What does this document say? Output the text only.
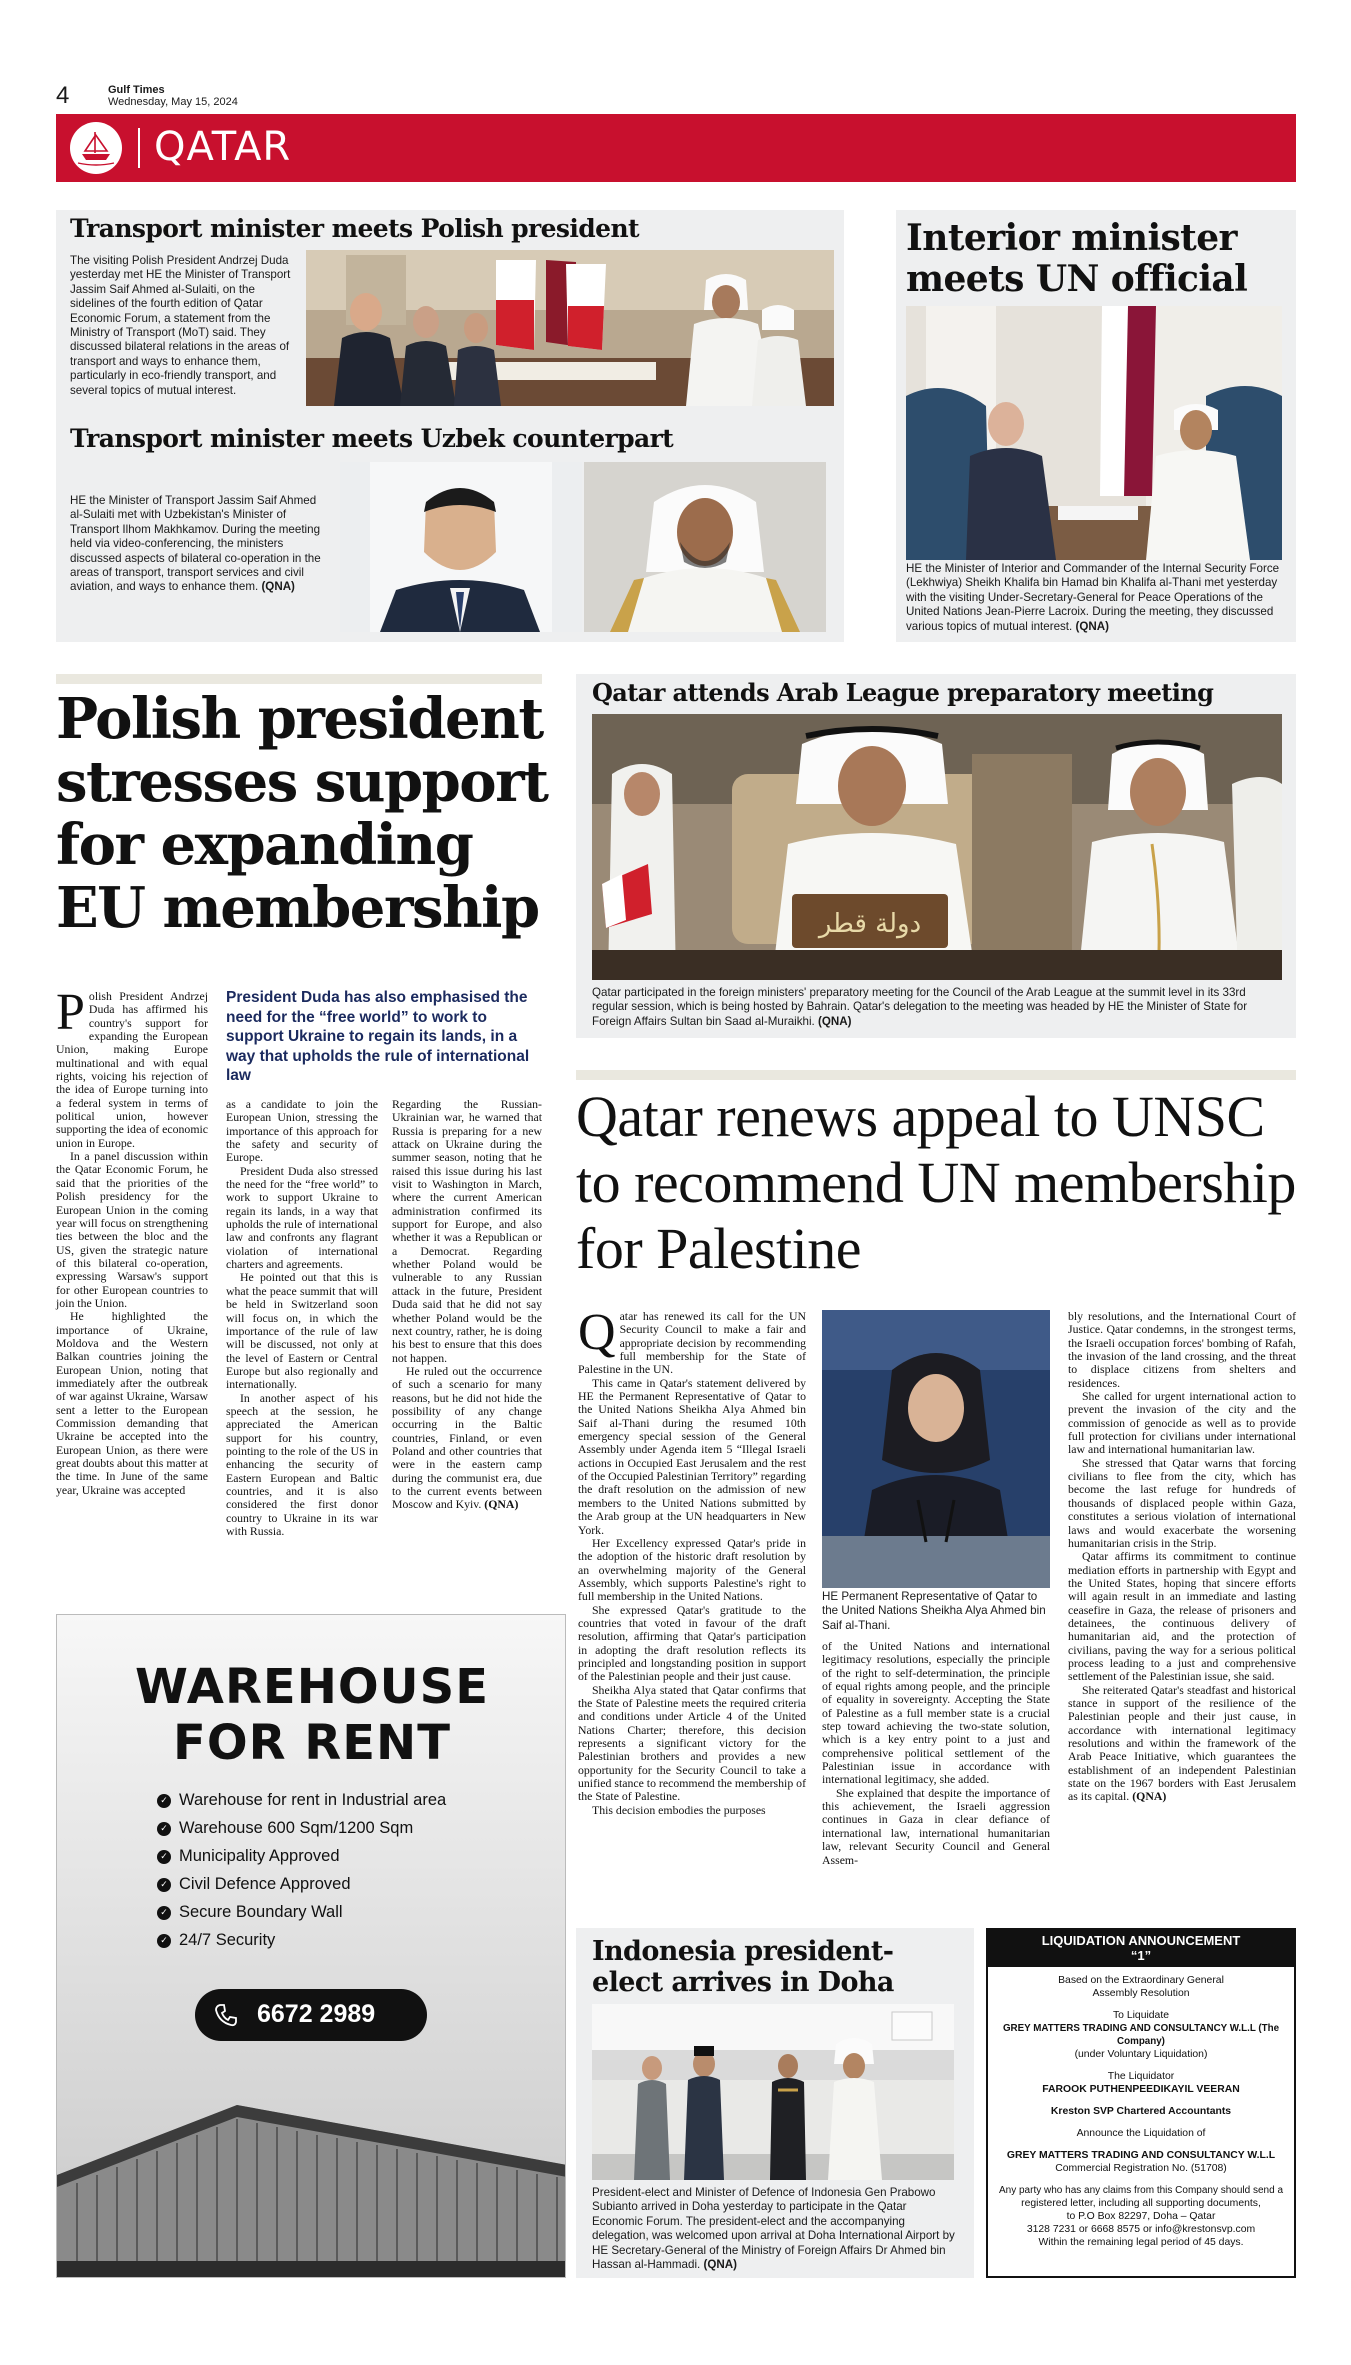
4	Gulf Times
Wednesday, May 15, 2024
QATAR
Transport minister meets Polish president
The visiting Polish President Andrzej Duda yesterday met HE the Minister of Transport Jassim Saif Ahmed al-Sulaiti, on the sidelines of the fourth edition of Qatar Economic Forum, a statement from the Ministry of Transport (MoT) said. They discussed bilateral relations in the areas of transport and ways to enhance them, particularly in eco-friendly transport, and several topics of mutual interest.
Transport minister meets Uzbek counterpart
HE the Minister of Transport Jassim Saif Ahmed al-Sulaiti met with Uzbekistan's Minister of Transport Ilhom Makhkamov. During the meeting held via video-conferencing, the ministers discussed aspects of bilateral co-operation in the areas of transport, transport services and civil aviation, and ways to enhance them. (QNA)
Interior minister meets UN official
HE the Minister of Interior and Commander of the Internal Security Force (Lekhwiya) Sheikh Khalifa bin Hamad bin Khalifa al-Thani met yesterday with the visiting Under-Secretary-General for Peace Operations of the United Nations Jean-Pierre Lacroix. During the meeting, they discussed various topics of mutual interest. (QNA)
Polish president stresses support for expanding EU membership

Polish President Andrzej Duda has affirmed his country's support for expanding the European Union, making Europe multinational and with equal rights, voicing his rejection of the idea of Europe turning into a federal system in terms of political union, however supporting the idea of economic union in Europe.

In a panel discussion within the Qatar Economic Forum, he said that the priorities of the Polish presidency for the European Union in the coming year will focus on strengthening ties between the bloc and the US, given the strategic nature of this bilateral co-operation, expressing Warsaw's support for other European countries to join the Union.

He highlighted the importance of Ukraine, Moldova and the Western Balkan countries joining the European Union, noting that immediately after the outbreak of war against Ukraine, Warsaw sent a letter to the European Commission demanding that Ukraine be accepted into the European Union, as there were great doubts about this matter at the time. In June of the same year, Ukraine was accepted

President Duda has also emphasised the need for the “free world” to work to support Ukraine to regain its lands, in a way that upholds the rule of international law

as a candidate to join the European Union, stressing the importance of this approach for the safety and security of Europe.

President Duda also stressed the need for the “free world” to work to support Ukraine to regain its lands, in a way that upholds the rule of international law and confronts any flagrant violation of international charters and agreements.

He pointed out that this is what the peace summit that will be held in Switzerland soon will focus on, in which the importance of the rule of law will be discussed, not only at the level of Eastern or Central Europe but also regionally and internationally.

In another aspect of his speech at the session, he appreciated the American support for his country, pointing to the role of the US in enhancing the security of Eastern European and Baltic countries, and it is also considered the first donor country to Ukraine in its war with Russia.

Regarding the Russian-Ukrainian war, he warned that Russia is preparing for a new attack on Ukraine during the summer season, noting that he raised this issue during his last visit to Washington in March, where the current American administration confirmed its support for Europe, and also whether it was a Republican or a Democrat. Regarding whether Poland would be vulnerable to any Russian attack in the future, President Duda said that he did not say whether Poland would be the next country, rather, he is doing his best to ensure that this does not happen.

He ruled out the occurrence of such a scenario for many reasons, but he did not hide the possibility of any change occurring in the Baltic countries, Finland, or even Poland and other countries that were in the eastern camp during the communist era, due to the current events between Moscow and Kyiv. (QNA)

Qatar attends Arab League preparatory meeting
دولة قطر
Qatar participated in the foreign ministers' preparatory meeting for the Council of the Arab League at the summit level in its 33rd regular session, which is being hosted by Bahrain. Qatar's delegation to the meeting was headed by HE the Minister of State for Foreign Affairs Sultan bin Saad al-Muraikhi. (QNA)
Qatar renews appeal to UNSC to recommend UN membership for Palestine

Qatar has renewed its call for the UN Security Council to make a fair and appropriate decision by recommending full membership for the State of Palestine in the UN.

This came in Qatar's statement delivered by HE the Permanent Representative of Qatar to the United Nations Sheikha Alya Ahmed bin Saif al-Thani during the resumed 10th emergency special session of the General Assembly under Agenda item 5 “Illegal Israeli actions in Occupied East Jerusalem and the rest of the Occupied Palestinian Territory” regarding the draft resolution on the admission of new members to the United Nations submitted by the Arab group at the UN headquarters in New York.

Her Excellency expressed Qatar's pride in the adoption of the historic draft resolution by an overwhelming majority of the General Assembly, which supports Palestine's right to full membership in the United Nations.

She expressed Qatar's gratitude to the countries that voted in favour of the draft resolution, affirming that Qatar's participation in adopting the draft resolution reflects its principled and longstanding position in support of the Palestinian people and their just cause.

Sheikha Alya stated that Qatar confirms that the State of Palestine meets the required criteria and conditions under Article 4 of the United Nations Charter; therefore, this decision represents a significant victory for the Palestinian brothers and provides a new opportunity for the Security Council to take a unified stance to recommend the membership of the State of Palestine.

This decision embodies the purposes

HE Permanent Representative of Qatar to the United Nations Sheikha Alya Ahmed bin Saif al-Thani.

of the United Nations and international legitimacy resolutions, especially the principle of the right to self-determination, the principle of equal rights among people, and the principle of equality in sovereignty. Accepting the State of Palestine as a full member state is a crucial step toward achieving the two-state solution, which is a key entry point to a just and comprehensive political settlement of the Palestinian issue in accordance with international legitimacy, she added.

She explained that despite the importance of this achievement, the Israeli aggression continues in Gaza in clear defiance of international law, international humanitarian law, relevant Security Council and General Assem-

bly resolutions, and the International Court of Justice. Qatar condemns, in the strongest terms, the Israeli occupation forces' bombing of Rafah, the invasion of the land crossing, and the threat to displace citizens from shelters and residences.

She called for urgent international action to prevent the invasion of the city and the commission of genocide as well as to provide full protection for civilians under international law and international humanitarian law.

She stressed that Qatar warns that forcing civilians to flee from the city, which has become the last refuge for hundreds of thousands of displaced people within Gaza, constitutes a serious violation of international laws and would exacerbate the worsening humanitarian crisis in the Strip.

Qatar affirms its commitment to continue mediation efforts in partnership with Egypt and the United States, hoping that sincere efforts will again result in an immediate and lasting ceasefire in Gaza, the release of prisoners and detainees, the continuous delivery of humanitarian aid, and the protection of civilians, paving the way for a serious political process leading to a just and comprehensive settlement of the Palestinian issue, she said.

She reiterated Qatar's steadfast and historical stance in support of the resilience of the Palestinian people and their just cause, in accordance with international legitimacy resolutions and within the framework of the Arab Peace Initiative, which guarantees the establishment of an independent Palestinian state on the 1967 borders with East Jerusalem as its capital. (QNA)

WAREHOUSE
FOR RENT
✓ Warehouse for rent in Industrial area
✓ Warehouse 600 Sqm/1200 Sqm
✓ Municipality Approved
✓ Civil Defence Approved
✓ Secure Boundary Wall
✓ 24/7 Security
6672 2989
Indonesia president-elect arrives in Doha
President-elect and Minister of Defence of Indonesia Gen Prabowo Subianto arrived in Doha yesterday to participate in the Qatar Economic Forum. The president-elect and the accompanying delegation, was welcomed upon arrival at Doha International Airport by HE Secretary-General of the Ministry of Foreign Affairs Dr Ahmed bin Hassan al-Hammadi. (QNA)
LIQUIDATION ANNOUNCEMENT
“1”
Based on the Extraordinary General
Assembly Resolution
To Liquidate
GREY MATTERS TRADING AND CONSULTANCY W.L.L (The Company)
(under Voluntary Liquidation)
The Liquidator
FAROOK PUTHENPEEDIKAYIL VEERAN
Kreston SVP Chartered Accountants
Announce the Liquidation of
GREY MATTERS TRADING AND CONSULTANCY W.L.L
Commercial Registration No. (51708)
Any party who has any claims from this Company should send a
registered letter, including all supporting documents,
to P.O Box 82297, Doha – Qatar
3128 7231 or 6668 8575 or info@krestonsvp.com
Within the remaining legal period of 45 days.
